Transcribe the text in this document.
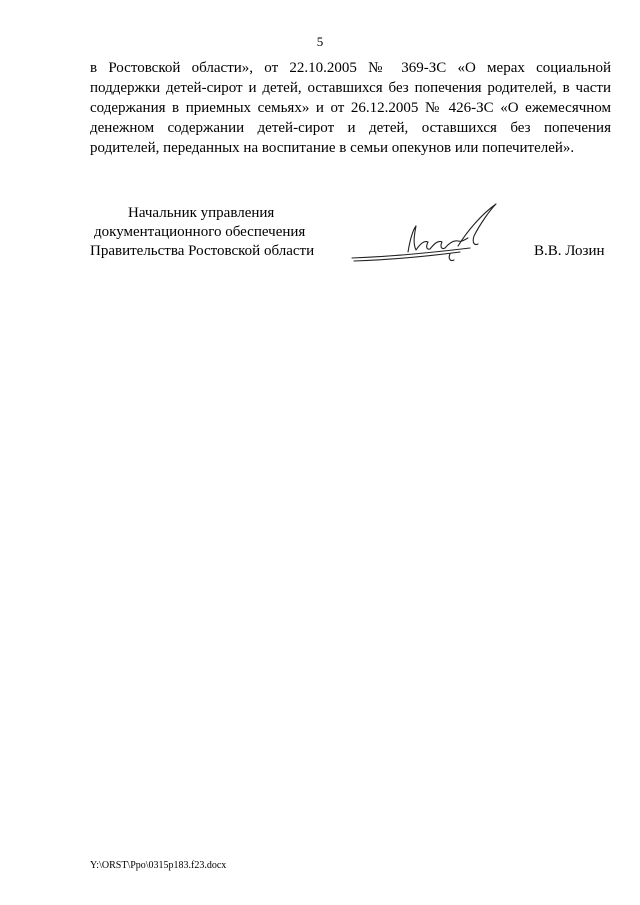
5

в Ростовской области», от 22.10.2005 № 369-ЗС «О мерах социальной
поддержки детей-сирот и детей, оставшихся без попечения родителей, в части
содержания в приемных семьях» и от 26.12.2005 № 426-ЗС «О ежемесячном
денежном содержании детей-сирот и детей, оставшихся без попечения
родителей, переданных на воспитание в семьи опекунов или попечителей».

Начальник управления
документационного обеспечения
Правительства Ростовской области	В.В. Лозин
Y:\ORST\Ppo\0315p183.f23.docx
